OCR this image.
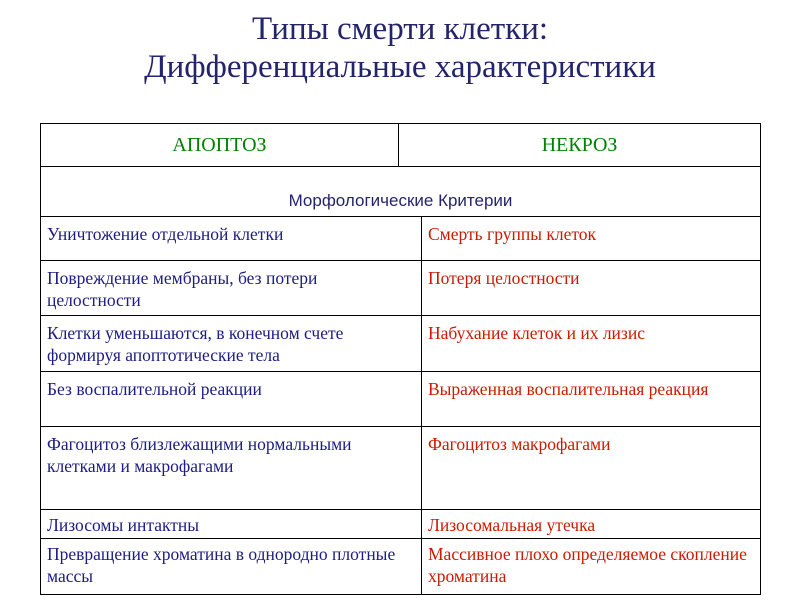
Типы смерти клетки:
Дифференциальные характеристики
АПОПТОЗ НЕКРОЗ	

Морфологические Критерии	
Уничтожение отдельной клетки	Смерть группы клеток
Повреждение мембраны, без потери целостности	Потеря целостности
Клетки уменьшаются, в конечном счете формируя апоптотические тела	Набухание клеток и их лизис
Без воспалительной реакции	Выраженная воспалительная реакция
Фагоцитоз близлежащими нормальными клетками и макрофагами	Фагоцитоз макрофагами
Лизосомы интактны	Лизосомальная утечка
Превращение хроматина в однородно плотные массы	Массивное плохо определяемое скопление хроматина
